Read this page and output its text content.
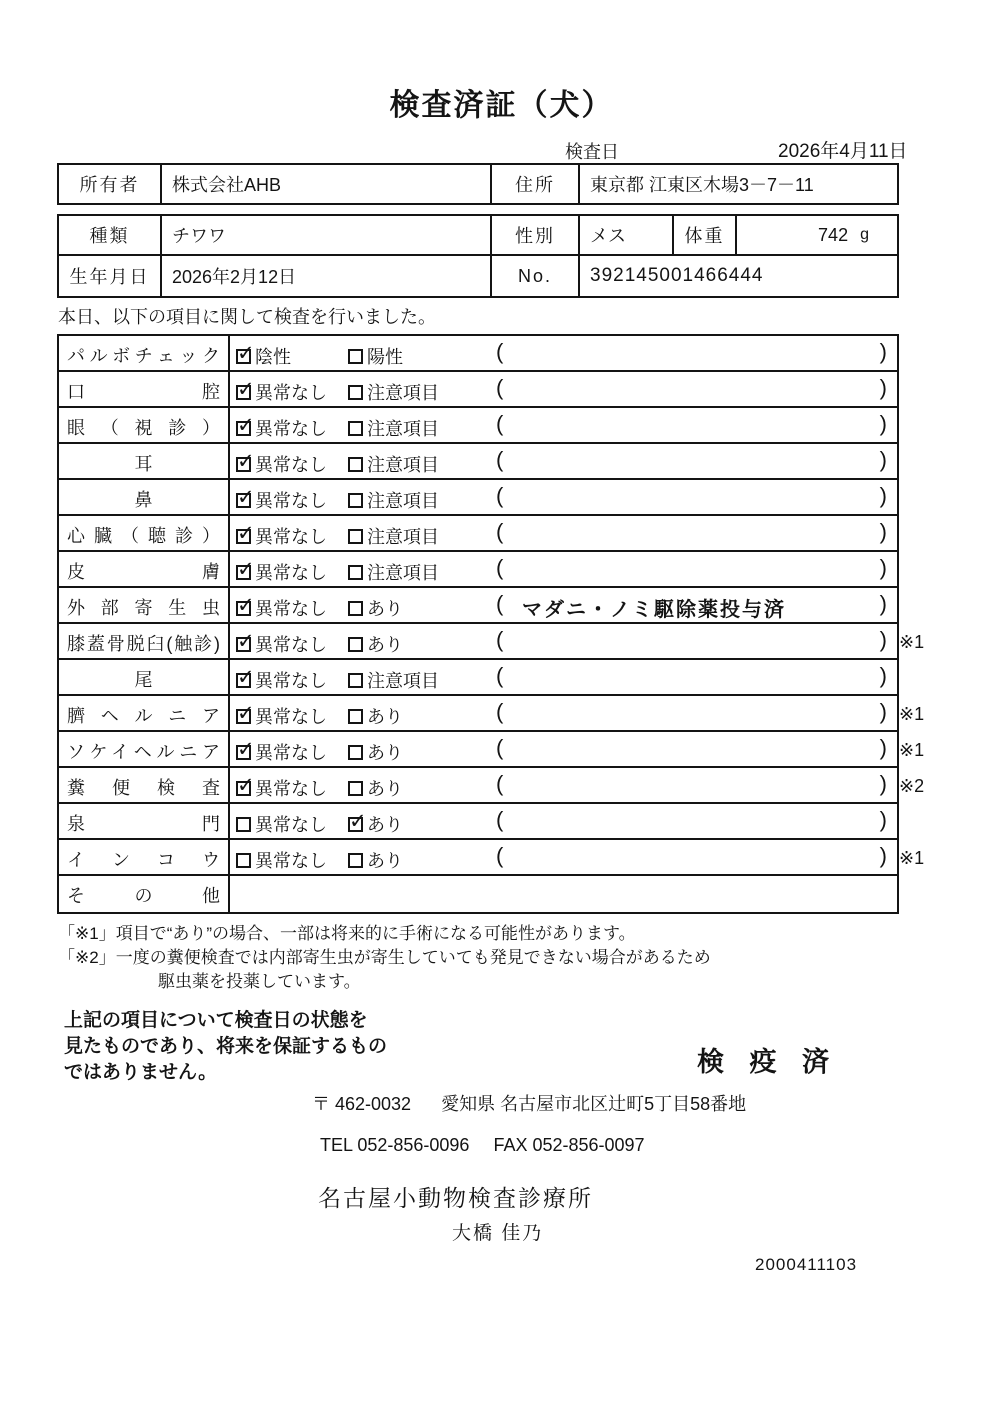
検査済証（犬）
検査日	2026年4月11日
所有者	株式会社AHB	住所	東京都 江東区木場3－7－11
種類	チワワ	性別	メス	体重	742 g
生年月日	2026年2月12日	No.	392145001466444
本日、以下の項目に関して検査を行いました。
パルボチェック ✓	陰性	陽性	(	)
口腔 ✓	異常なし 注意項目	(	)
眼（視診） ✓	異常なし 注意項目	(	)
耳 ✓	異常なし 注意項目	(	)
鼻 ✓	異常なし 注意項目	(	)
心臓（聴診） ✓	異常なし 注意項目	(	)
皮膚 ✓	異常なし 注意項目	(	)
外部寄生虫 ✓	異常なし あり	( マダニ・ノミ駆除薬投与済	)
膝蓋骨脱臼(触診) ✓	異常なし あり	(	) ※1
尾 ✓	異常なし 注意項目	(	)
臍ヘルニア ✓	異常なし あり	(	) ※1
ソケイヘルニア ✓	異常なし あり	(	) ※1
糞便検査 ✓	異常なし あり	(	) ※2
泉門	異常なし ✓ あり	(	)
インコウ	異常なし あり	(	) ※1
その他
「※1」項目で“あり”の場合、一部は将来的に手術になる可能性があります。
「※2」一度の糞便検査では内部寄生虫が寄生していても発見できない場合があるため
駆虫薬を投薬しています。
上記の項目について検査日の状態を
見たものであり、将来を保証するもの
ではありません。	検 疫 済
〒 462-0032 愛知県 名古屋市北区辻町5丁目58番地
TEL 052-856-0096 FAX 052-856-0097
名古屋小動物検査診療所
大橋 佳乃
2000411103
